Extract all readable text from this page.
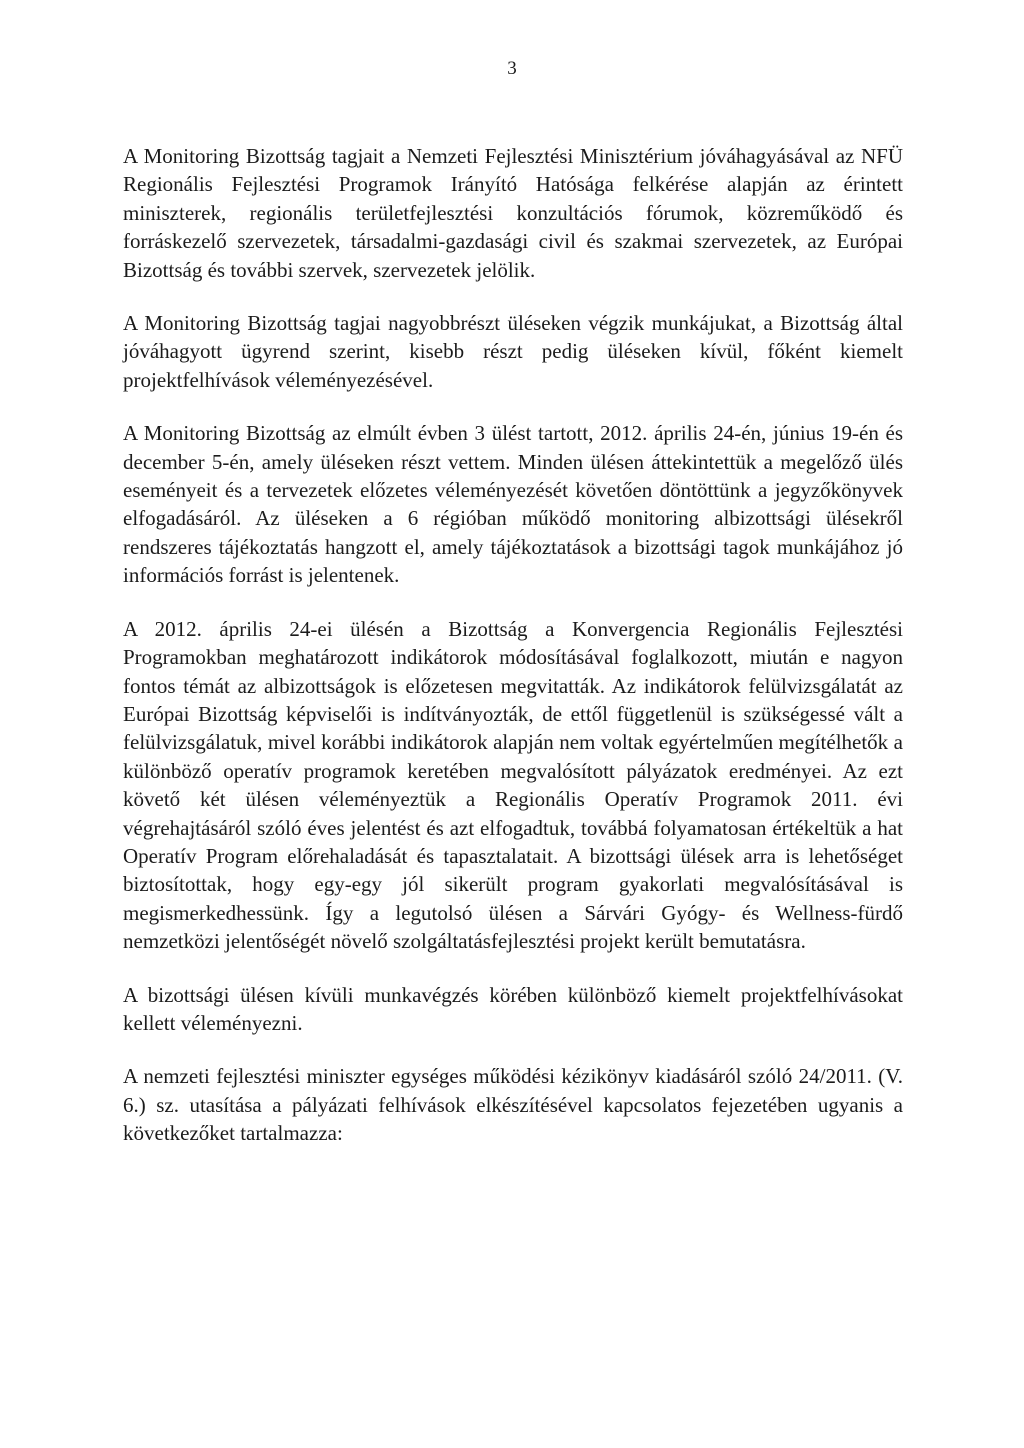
3

A Monitoring Bizottság tagjait a Nemzeti Fejlesztési Minisztérium jóváhagyásával az NFÜ Regionális Fejlesztési Programok Irányító Hatósága felkérése alapján az érintett miniszterek, regionális területfejlesztési konzultációs fórumok, közreműködő és forráskezelő szervezetek, társadalmi-gazdasági civil és szakmai szervezetek, az Európai Bizottság és további szervek, szervezetek jelölik.

A Monitoring Bizottság tagjai nagyobbrészt üléseken végzik munkájukat, a Bizottság által jóváhagyott ügyrend szerint, kisebb részt pedig üléseken kívül, főként kiemelt projektfelhívások véleményezésével.

A Monitoring Bizottság az elmúlt évben 3 ülést tartott, 2012. április 24-én, június 19-én és december 5-én, amely üléseken részt vettem. Minden ülésen áttekintettük a megelőző ülés eseményeit és a tervezetek előzetes véleményezését követően döntöttünk a jegyzőkönyvek elfogadásáról. Az üléseken a 6 régióban működő monitoring albizottsági ülésekről rendszeres tájékoztatás hangzott el, amely tájékoztatások a bizottsági tagok munkájához jó információs forrást is jelentenek.

A 2012. április 24-ei ülésén a Bizottság a Konvergencia Regionális Fejlesztési Programokban meghatározott indikátorok módosításával foglalkozott, miután e nagyon fontos témát az albizottságok is előzetesen megvitatták. Az indikátorok felülvizsgálatát az Európai Bizottság képviselői is indítványozták, de ettől függetlenül is szükségessé vált a felülvizsgálatuk, mivel korábbi indikátorok alapján nem voltak egyértelműen megítélhetők a különböző operatív programok keretében megvalósított pályázatok eredményei. Az ezt követő két ülésen véleményeztük a Regionális Operatív Programok 2011. évi végrehajtásáról szóló éves jelentést és azt elfogadtuk, továbbá folyamatosan értékeltük a hat Operatív Program előrehaladását és tapasztalatait. A bizottsági ülések arra is lehetőséget biztosítottak, hogy egy-egy jól sikerült program gyakorlati megvalósításával is megismerkedhessünk. Így a legutolsó ülésen a Sárvári Gyógy- és Wellness-fürdő nemzetközi jelentőségét növelő szolgáltatásfejlesztési projekt került bemutatásra.

A bizottsági ülésen kívüli munkavégzés körében különböző kiemelt projektfelhívásokat kellett véleményezni.

A nemzeti fejlesztési miniszter egységes működési kézikönyv kiadásáról szóló 24/2011. (V. 6.) sz. utasítása a pályázati felhívások elkészítésével kapcsolatos fejezetében ugyanis a következőket tartalmazza:
